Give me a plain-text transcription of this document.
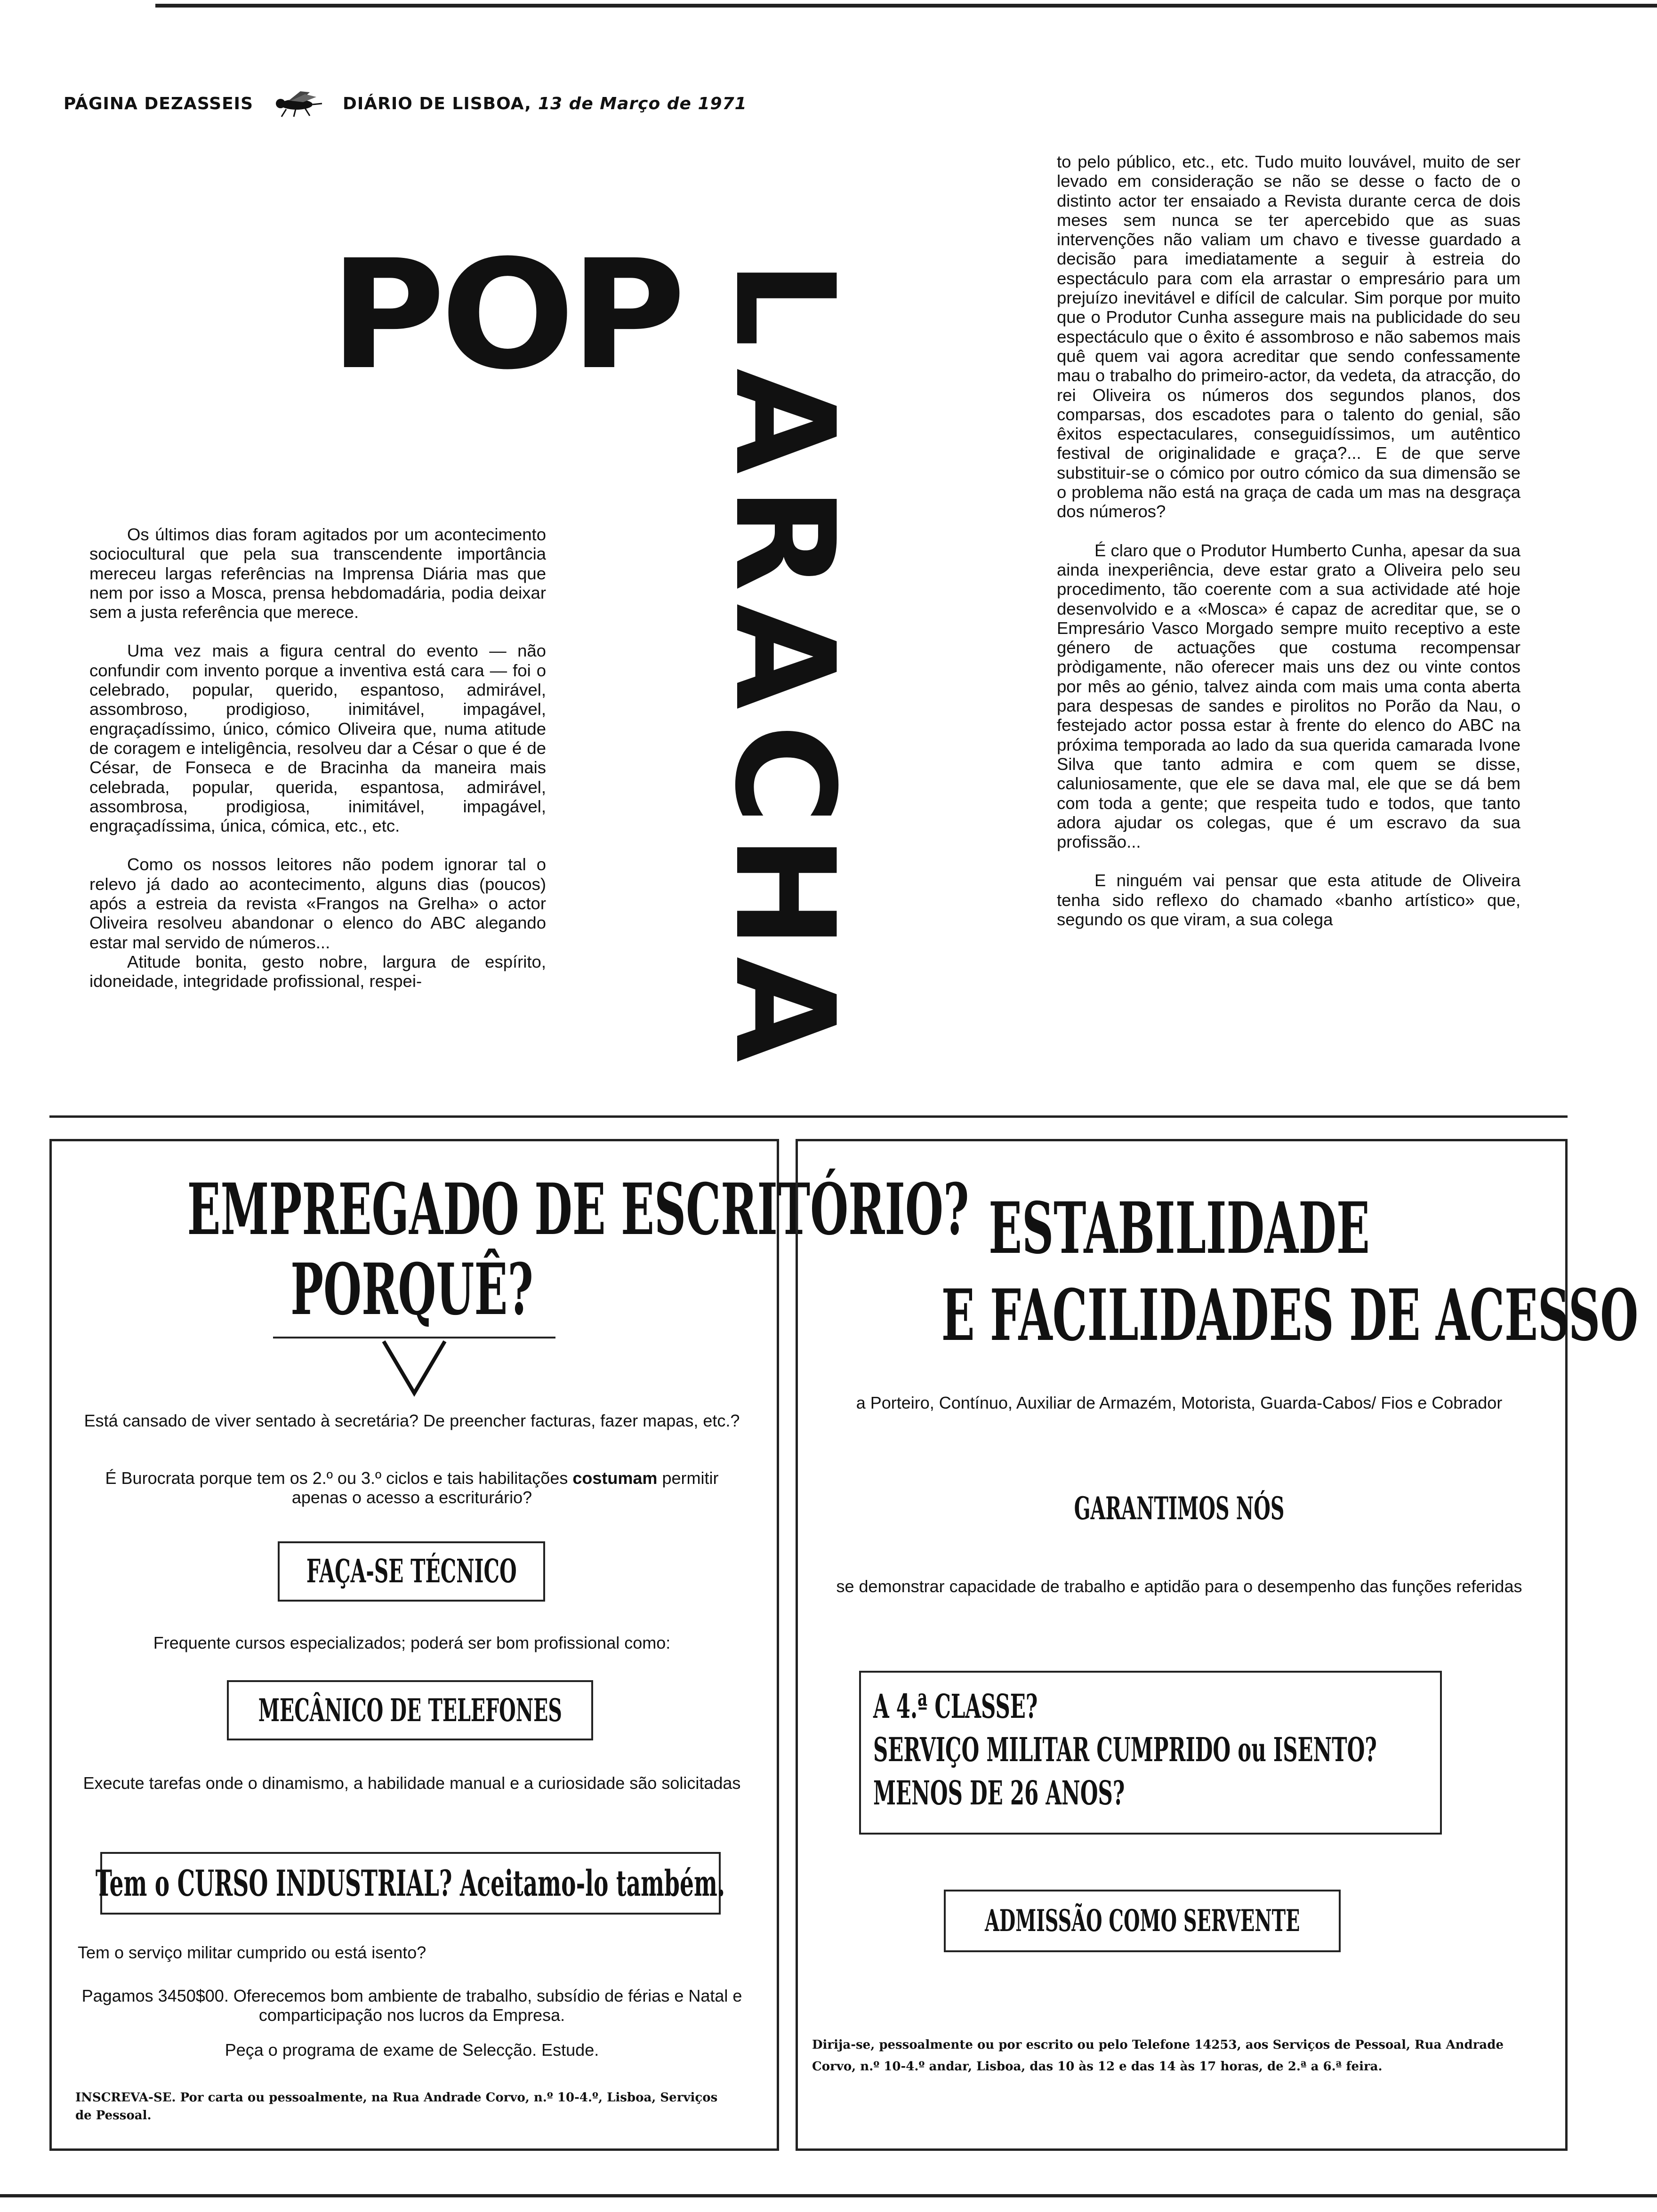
PÁGINA DEZASSEIS	DIÁRIO DE LISBOA, 13 de Março de 1971
POP L
A
R
A
C
H
A

Os últimos dias foram agitados por um acontecimento sociocultural que pela sua transcendente importância mereceu largas referências na Imprensa Diária mas que nem por isso a Mosca, prensa hebdomadária, podia deixar sem a justa referência que merece.

Uma vez mais a figura central do evento — não confundir com invento porque a inventiva está cara — foi o celebrado, popular, querido, espantoso, admirável, assombroso, prodigioso, inimitável, impagável, engraçadíssimo, único, cómico Oliveira que, numa atitude de coragem e inteligência, resolveu dar a César o que é de César, de Fonseca e de Bracinha da maneira mais celebrada, popular, querida, espantosa, admirável, assombrosa, prodigiosa, inimitável, impagável, engraçadíssima, única, cómica, etc., etc.

Como os nossos leitores não podem ignorar tal o relevo já dado ao acontecimento, alguns dias (poucos) após a estreia da revista «Frangos na Grelha» o actor Oliveira resolveu abandonar o elenco do ABC alegando estar mal servido de números...

Atitude bonita, gesto nobre, largura de espírito, idoneidade, integridade profissional, respei-

to pelo público, etc., etc. Tudo muito louvável, muito de ser levado em consideração se não se desse o facto de o distinto actor ter ensaiado a Revista durante cerca de dois meses sem nunca se ter apercebido que as suas intervenções não valiam um chavo e tivesse guardado a decisão para imediatamente a seguir à estreia do espectáculo para com ela arrastar o empresário para um prejuízo inevitável e difícil de calcular. Sim porque por muito que o Produtor Cunha assegure mais na publicidade do seu espectáculo que o êxito é assombroso e não sabemos mais quê quem vai agora acreditar que sendo confessamente mau o trabalho do primeiro-actor, da vedeta, da atracção, do rei Oliveira os números dos segundos planos, dos comparsas, dos escadotes para o talento do genial, são êxitos espectaculares, conseguidíssimos, um autêntico festival de originalidade e graça?... E de que serve substituir-se o cómico por outro cómico da sua dimensão se o problema não está na graça de cada um mas na desgraça dos números?

É claro que o Produtor Humberto Cunha, apesar da sua ainda inexperiência, deve estar grato a Oliveira pelo seu procedimento, tão coerente com a sua actividade até hoje desenvolvido e a «Mosca» é capaz de acreditar que, se o Empresário Vasco Morgado sempre muito receptivo a este género de actuações que costuma recompensar pròdigamente, não oferecer mais uns dez ou vinte contos por mês ao génio, talvez ainda com mais uma conta aberta para despesas de sandes e pirolitos no Porão da Nau, o festejado actor possa estar à frente do elenco do ABC na próxima temporada ao lado da sua querida camarada Ivone Silva que tanto admira e com quem se disse, caluniosamente, que ele se dava mal, ele que se dá bem com toda a gente; que respeita tudo e todos, que tanto adora ajudar os colegas, que é um escravo da sua profissão...

E ninguém vai pensar que esta atitude de Oliveira tenha sido reflexo do chamado «banho artístico» que, segundo os que viram, a sua colega

EMPREGADO DE ESCRITÓRIO?
PORQUÊ?
Está cansado de viver sentado à secretária? De preencher facturas, fazer mapas, etc.?
É Burocrata porque tem os 2.º ou 3.º ciclos e tais habilitações costumam permitir apenas o acesso a escriturário?
FAÇA-SE TÉCNICO
Frequente cursos especializados; poderá ser bom profissional como:
MECÂNICO DE TELEFONES
Execute tarefas onde o dinamismo, a habilidade manual e a curiosidade são solicitadas
Tem o CURSO INDUSTRIAL? Aceitamo-lo também.
Tem o serviço militar cumprido ou está isento?
Pagamos 3450$00. Oferecemos bom ambiente de trabalho, subsídio de férias e Natal e comparticipação nos lucros da Empresa.
Peça o programa de exame de Selecção. Estude.
INSCREVA-SE. Por carta ou pessoalmente, na Rua Andrade Corvo, n.º 10-4.º, Lisboa, Serviços de Pessoal.
ESTABILIDADE
E FACILIDADES DE ACESSO
a Porteiro, Contínuo, Auxiliar de Armazém, Motorista, Guarda-Cabos/ Fios e Cobrador
GARANTIMOS NÓS
se demonstrar capacidade de trabalho e aptidão para o desempenho das funções referidas
A 4.ª CLASSE?
SERVIÇO MILITAR CUMPRIDO ou ISENTO?
MENOS DE 26 ANOS?
ADMISSÃO COMO SERVENTE
Dirija-se, pessoalmente ou por escrito ou pelo Telefone 14253, aos Serviços de Pessoal, Rua Andrade Corvo, n.º 10-4.º andar, Lisboa, das 10 às 12 e das 14 às 17 horas, de 2.ª a 6.ª feira.
